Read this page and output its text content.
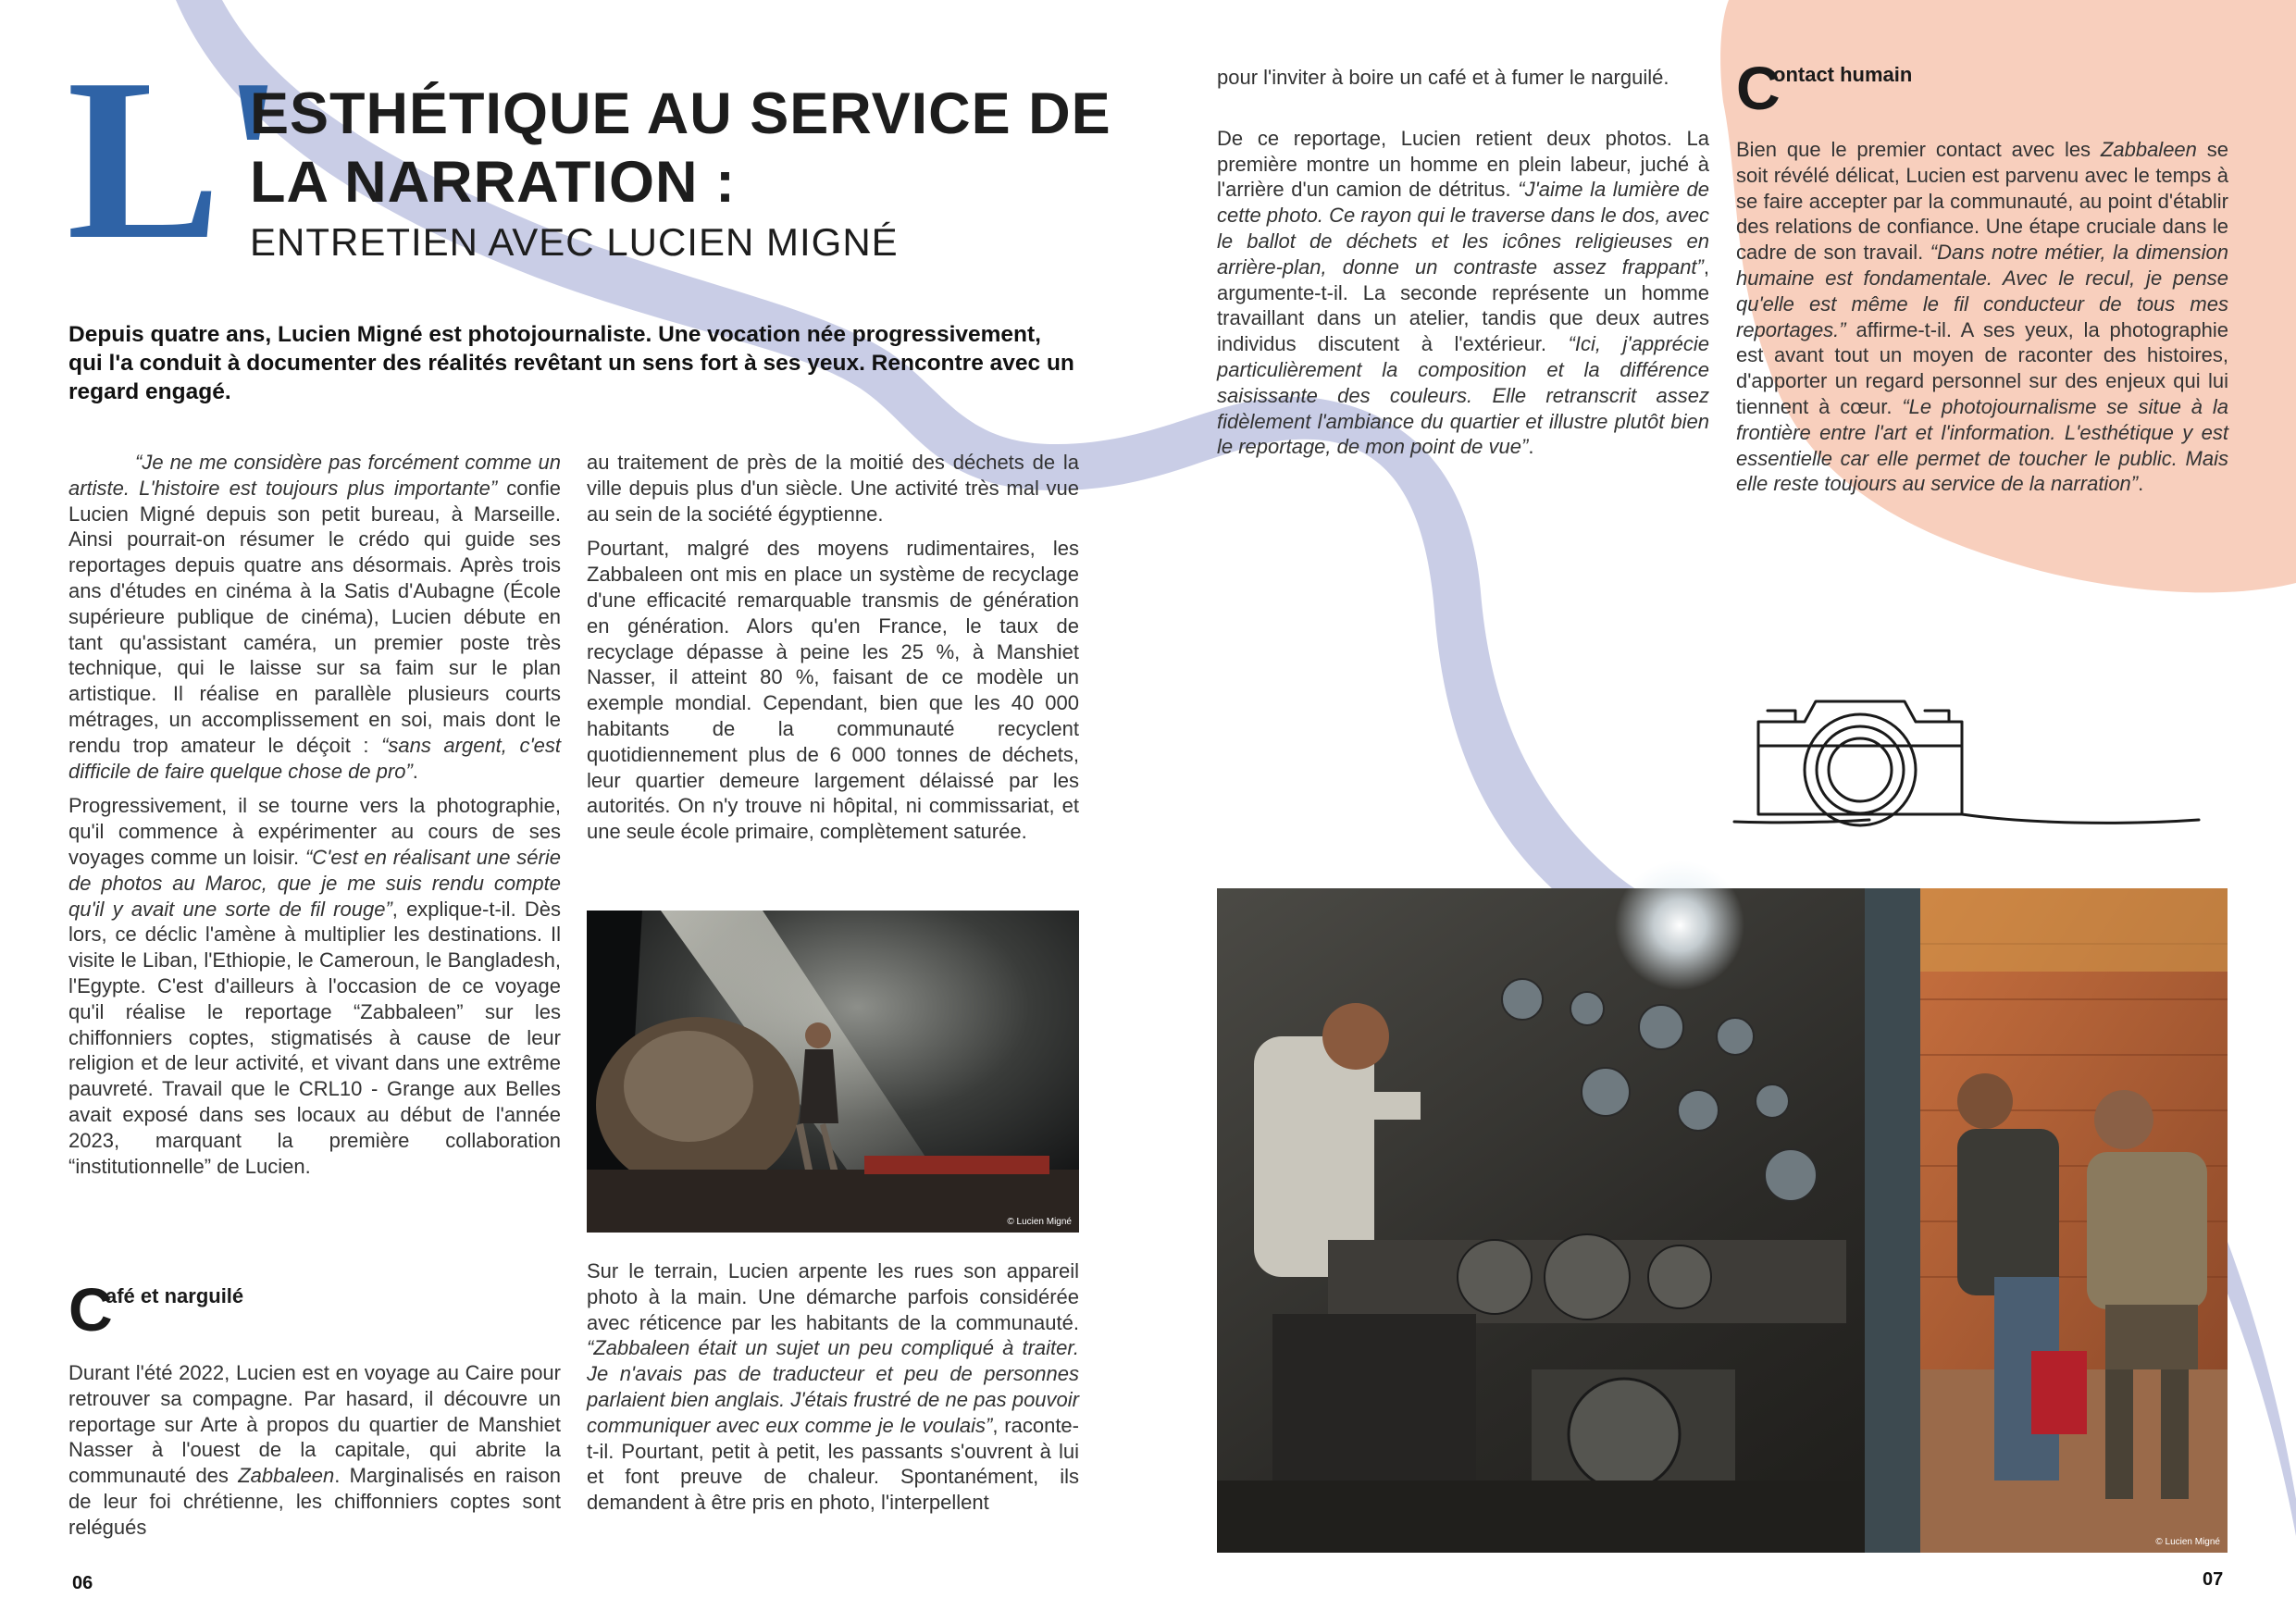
L'
ESTHÉTIQUE AU SERVICE DE
LA NARRATION :
ENTRETIEN AVEC LUCIEN MIGNÉ
Depuis quatre ans, Lucien Migné est photojournaliste. Une vocation née progressivement, qui l'a conduit à documenter des réalités revêtant un sens fort à ses yeux. Rencontre avec un regard engagé.

“Je ne me considère pas forcément comme un artiste. L'histoire est toujours plus importante” confie Lucien Migné depuis son petit bureau, à Marseille. Ainsi pourrait-on résumer le crédo qui guide ses reportages depuis quatre ans désormais. Après trois ans d'études en cinéma à la Satis d'Aubagne (École supérieure publique de cinéma), Lucien débute en tant qu'assistant caméra, un premier poste très technique, qui le laisse sur sa faim sur le plan artistique. Il réalise en parallèle plusieurs courts métrages, un accomplissement en soi, mais dont le rendu trop amateur le déçoit : “sans argent, c'est difficile de faire quelque chose de pro”.

Progressivement, il se tourne vers la photographie, qu'il commence à expérimenter au cours de ses voyages comme un loisir. “C'est en réalisant une série de photos au Maroc, que je me suis rendu compte qu'il y avait une sorte de fil rouge”, explique-t-il. Dès lors, ce déclic l'amène à multiplier les destinations. Il visite le Liban, l'Ethiopie, le Cameroun, le Bangladesh, l'Egypte. C'est d'ailleurs à l'occasion de ce voyage qu'il réalise le reportage “Zabbaleen” sur les chiffonniers coptes, stigmatisés à cause de leur religion et de leur activité, et vivant dans une extrême pauvreté. Travail que le CRL10 - Grange aux Belles avait exposé dans ses locaux au début de l'année 2023, marquant la première collaboration “institutionnelle” de Lucien.

C
afé et narguilé

Durant l'été 2022, Lucien est en voyage au Caire pour retrouver sa compagne. Par hasard, il découvre un reportage sur Arte à propos du quartier de Manshiet Nasser à l'ouest de la capitale, qui abrite la communauté des Zabbaleen. Marginalisés en raison de leur foi chrétienne, les chiffonniers coptes sont relégués

au traitement de près de la moitié des déchets de la ville depuis plus d'un siècle. Une activité très mal vue au sein de la société égyptienne.

Pourtant, malgré des moyens rudimentaires, les Zabbaleen ont mis en place un système de recyclage d'une efficacité remarquable transmis de génération en génération. Alors qu'en France, le taux de recyclage dépasse à peine les 25 %, à Manshiet Nasser, il atteint 80 %, faisant de ce modèle un exemple mondial. Cependant, bien que les 40 000 habitants de la communauté recyclent quotidiennement plus de 6 000 tonnes de déchets, leur quartier demeure largement délaissé par les autorités. On n'y trouve ni hôpital, ni commissariat, et une seule école primaire, complètement saturée.

© Lucien Migné

Sur le terrain, Lucien arpente les rues son appareil photo à la main. Une démarche parfois considérée avec réticence par les habitants de la communauté. “Zabbaleen était un sujet un peu compliqué à traiter. Je n'avais pas de traducteur et peu de personnes parlaient bien anglais. J'étais frustré de ne pas pouvoir communiquer avec eux comme je le voulais”, raconte-t-il. Pourtant, petit à petit, les passants s'ouvrent à lui et font preuve de chaleur. Spontanément, ils demandent à être pris en photo, l'interpellent

pour l'inviter à boire un café et à fumer le narguilé.

De ce reportage, Lucien retient deux photos. La première montre un homme en plein labeur, juché à l'arrière d'un camion de détritus. “J'aime la lumière de cette photo. Ce rayon qui le traverse dans le dos, avec le ballot de déchets et les icônes religieuses en arrière-plan, donne un contraste assez frappant”, argumente-t-il. La seconde représente un homme travaillant dans un atelier, tandis que deux autres individus discutent à l'extérieur. “Ici, j'apprécie particulièrement la composition et la différence saisissante des couleurs. Elle retranscrit assez fidèlement l'ambiance du quartier et illustre plutôt bien le reportage, de mon point de vue”.

C
ontact humain

Bien que le premier contact avec les Zabbaleen se soit révélé délicat, Lucien est parvenu avec le temps à se faire accepter par la communauté, au point d'établir des relations de confiance. Une étape cruciale dans le cadre de son travail. “Dans notre métier, la dimension humaine est fondamentale. Avec le recul, je pense qu'elle est même le fil conducteur de tous mes reportages.” affirme-t-il. A ses yeux, la photographie est avant tout un moyen de raconter des histoires, d'apporter un regard personnel sur des enjeux qui lui tiennent à cœur. “Le photojournalisme se situe à la frontière entre l'art et l'information. L'esthétique y est essentielle car elle permet de toucher le public. Mais elle reste toujours au service de la narration”.

© Lucien Migné
06	07
